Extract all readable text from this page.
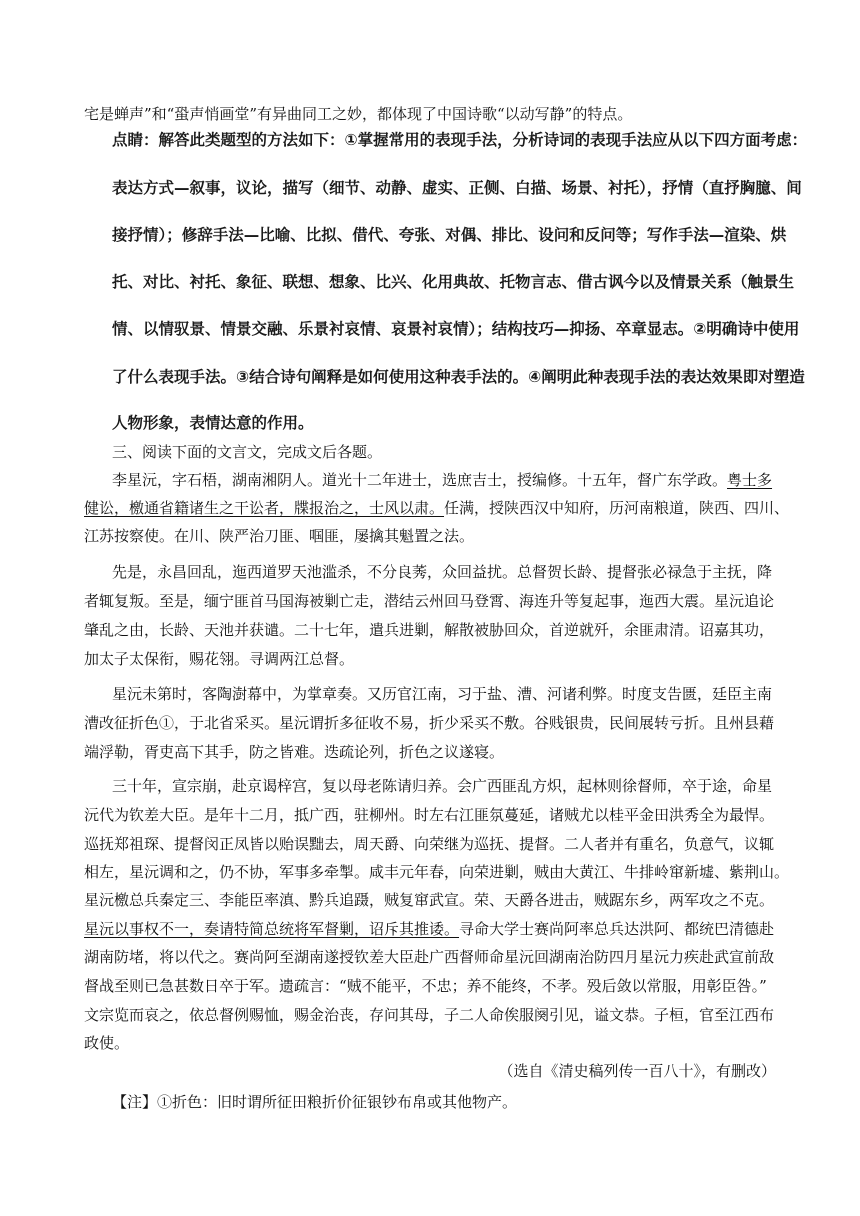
宅是蝉声”和“蛩声悄画堂”有异曲同工之妙，都体现了中国诗歌“以动写静”的特点。
点睛：解答此类题型的方法如下：①掌握常用的表现手法，分析诗词的表现手法应从以下四方面考虑：
表达方式—叙事，议论，描写（细节、动静、虚实、正侧、白描、场景、衬托），抒情（直抒胸臆、间
接抒情）；修辞手法—比喻、比拟、借代、夸张、对偶、排比、设问和反问等；写作手法—渲染、烘
托、对比、衬托、象征、联想、想象、比兴、化用典故、托物言志、借古讽今以及情景关系（触景生
情、以情驭景、情景交融、乐景衬哀情、哀景衬哀情）；结构技巧—抑扬、卒章显志。②明确诗中使用
了什么表现手法。③结合诗句阐释是如何使用这种表手法的。④阐明此种表现手法的表达效果即对塑造
人物形象，表情达意的作用。
三、阅读下面的文言文，完成文后各题。
李星沅，字石梧，湖南湘阴人。道光十二年进士，选庶吉士，授编修。十五年，督广东学政。粤士多
健讼，檄通省籍诸生之干讼者，牒报治之，士风以肃。任满，授陕西汉中知府，历河南粮道，陕西、四川、
江苏按察使。在川、陕严治刀匪、啯匪，屡擒其魁置之法。
先是，永昌回乱，迤西道罗天池滥杀，不分良莠，众回益扰。总督贺长龄、提督张必禄急于主抚，降
者辄复叛。至是，缅宁匪首马国海被剿亡走，潜结云州回马登霄、海连升等复起事，迤西大震。星沅追论
肇乱之由，长龄、天池并获谴。二十七年，遣兵进剿，解散被胁回众，首逆就歼，余匪肃清。诏嘉其功，
加太子太保衔，赐花翎。寻调两江总督。
星沅未第时，客陶澍幕中，为掌章奏。又历官江南，习于盐、漕、河诸利弊。时度支告匮，廷臣主南
漕改征折色①，于北省采买。星沅谓折多征收不易，折少采买不敷。谷贱银贵，民间展转亏折。且州县藉
端浮勒，胥吏高下其手，防之皆难。迭疏论列，折色之议遂寝。
三十年，宣宗崩，赴京谒梓宫，复以母老陈请归养。会广西匪乱方炽，起林则徐督师，卒于途，命星
沅代为钦差大臣。是年十二月，抵广西，驻柳州。时左右江匪氛蔓延，诸贼尤以桂平金田洪秀全为最悍。
巡抚郑祖琛、提督闵正凤皆以贻误黜去，周天爵、向荣继为巡抚、提督。二人者并有重名，负意气，议辄
相左，星沅调和之，仍不协，军事多牵掣。咸丰元年春，向荣进剿，贼由大黄江、牛排岭窜新墟、紫荆山。
星沅檄总兵秦定三、李能臣率滇、黔兵追蹑，贼复窜武宣。荣、天爵各进击，贼踞东乡，两军攻之不克。
星沅以事权不一，奏请特简总统将军督剿，诏斥其推诿。寻命大学士赛尚阿率总兵达洪阿、都统巴清德赴
湖南防堵，将以代之。赛尚阿至湖南遂授钦差大臣赴广西督师命星沅回湖南治防四月星沅力疾赴武宣前敌
督战至则已急甚数日卒于军。遗疏言：“贼不能平，不忠；养不能终，不孝。殁后敛以常服，用彰臣咎。”
文宗览而哀之，依总督例赐恤，赐金治丧，存问其母，子二人命俟服阕引见，谥文恭。子桓，官至江西布
政使。
（选自《清史稿列传一百八十》，有删改）
【注】①折色：旧时谓所征田粮折价征银钞布帛或其他物产。
